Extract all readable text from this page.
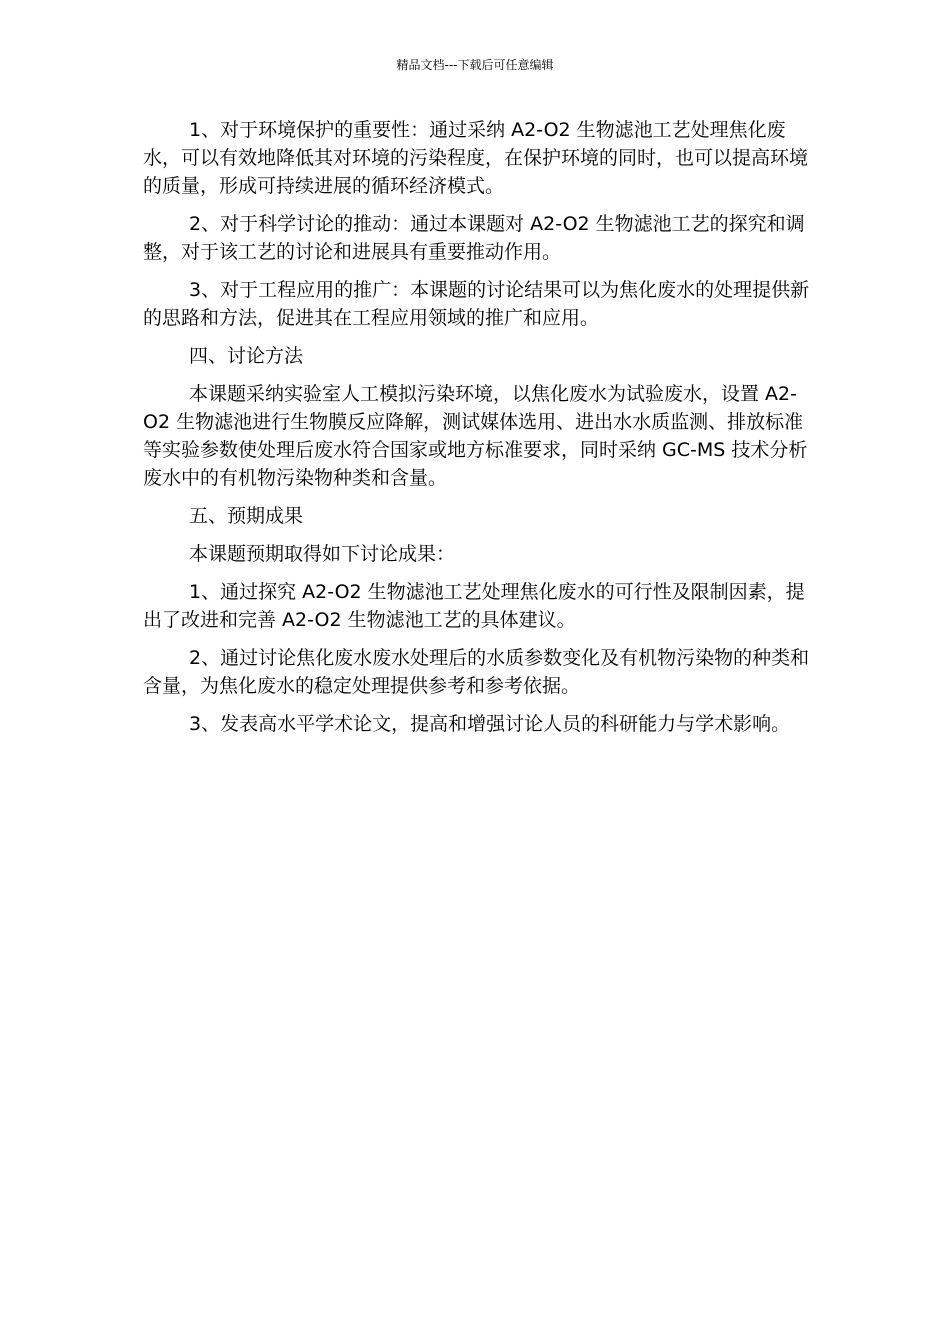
精品文档---下载后可任意编辑

1、对于环境保护的重要性：通过采纳 A2-O2 生物滤池工艺处理焦化废水，可以有效地降低其对环境的污染程度，在保护环境的同时，也可以提高环境的质量，形成可持续进展的循环经济模式。

2、对于科学讨论的推动：通过本课题对 A2-O2 生物滤池工艺的探究和调整，对于该工艺的讨论和进展具有重要推动作用。

3、对于工程应用的推广：本课题的讨论结果可以为焦化废水的处理提供新的思路和方法，促进其在工程应用领域的推广和应用。

四、讨论方法

本课题采纳实验室人工模拟污染环境，以焦化废水为试验废水，设置 A2-O2 生物滤池进行生物膜反应降解，测试媒体选用、进出水水质监测、排放标准等实验参数使处理后废水符合国家或地方标准要求，同时采纳 GC-MS 技术分析废水中的有机物污染物种类和含量。

五、预期成果

本课题预期取得如下讨论成果：

1、通过探究 A2-O2 生物滤池工艺处理焦化废水的可行性及限制因素，提出了改进和完善 A2-O2 生物滤池工艺的具体建议。

2、通过讨论焦化废水废水处理后的水质参数变化及有机物污染物的种类和含量，为焦化废水的稳定处理提供参考和参考依据。

3、发表高水平学术论文，提高和增强讨论人员的科研能力与学术影响。
